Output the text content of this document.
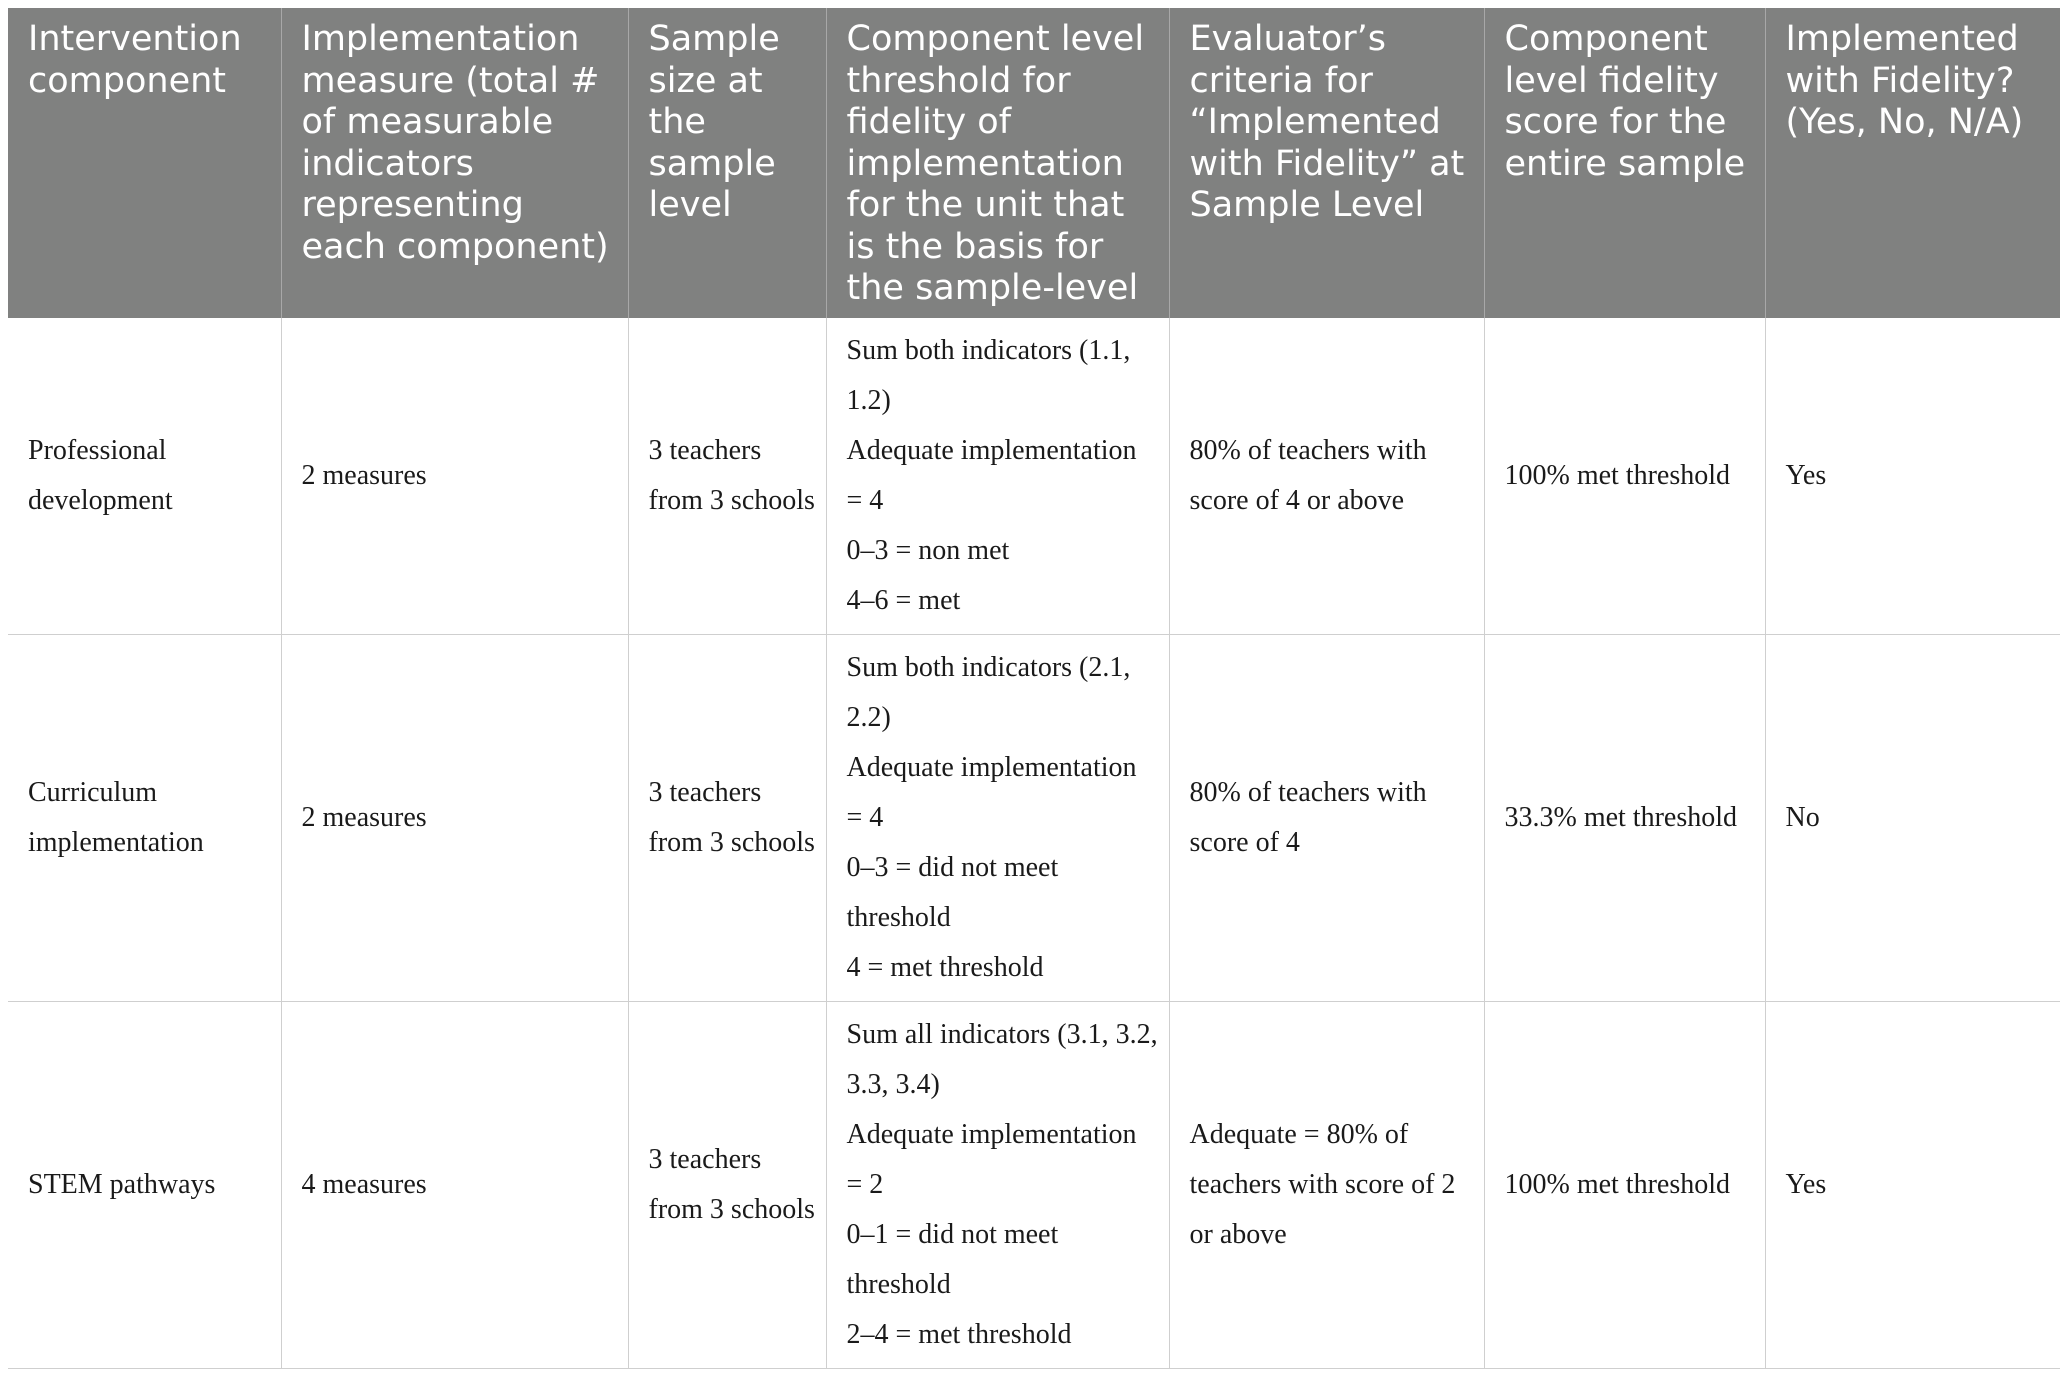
Intervention component	Implementation measure (total # of measurable indicators representing each component)	Sample size at the sample level	Component level threshold for fidelity of implementation for the unit that is the basis for the sample-level	Evaluator’s criteria for “Implemented with Fidelity” at Sample Level	Component level fidelity score for the entire sample	Implemented with Fidelity? (Yes, No, N/A)
Professional development	2 measures	3 teachers from 3 schools	Sum both indicators (1.1, 1.2)
Adequate implementation = 4
0–3 = non met
4–6 = met	80% of teachers with score of 4 or above	100% met threshold	Yes
Curriculum implementation	2 measures	3 teachers from 3 schools	Sum both indicators (2.1, 2.2)
Adequate implementation = 4
0–3 = did not meet threshold
4 = met threshold	80% of teachers with score of 4	33.3% met threshold	No
STEM pathways	4 measures	3 teachers from 3 schools	Sum all indicators (3.1, 3.2, 3.3, 3.4)
Adequate implementation = 2
0–1 = did not meet threshold
2–4 = met threshold	Adequate = 80% of teachers with score of 2 or above	100% met threshold	Yes
